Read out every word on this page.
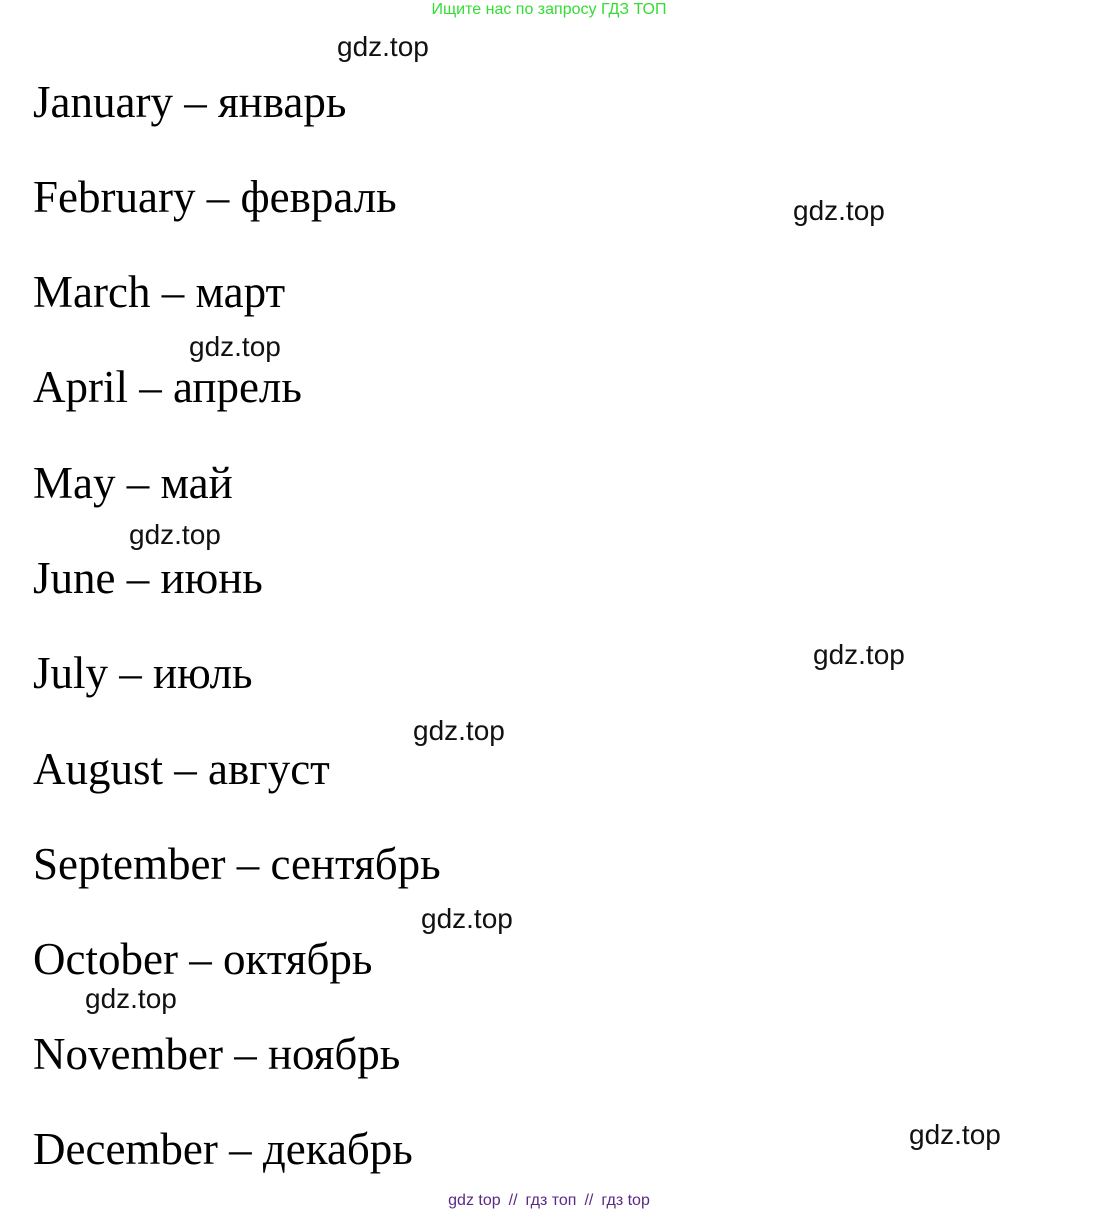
Ищите нас по запросу ГДЗ ТОП
gdz.top
gdz.top
gdz.top
gdz.top
gdz.top
gdz.top
gdz.top
gdz.top
gdz.top
January – январь
February – февраль
March – март
April – апрель
May – май
June – июнь
July – июль
August – август
September – сентябрь
October – октябрь
November – ноябрь
December – декабрь
gdz top // гдз топ // гдз top
